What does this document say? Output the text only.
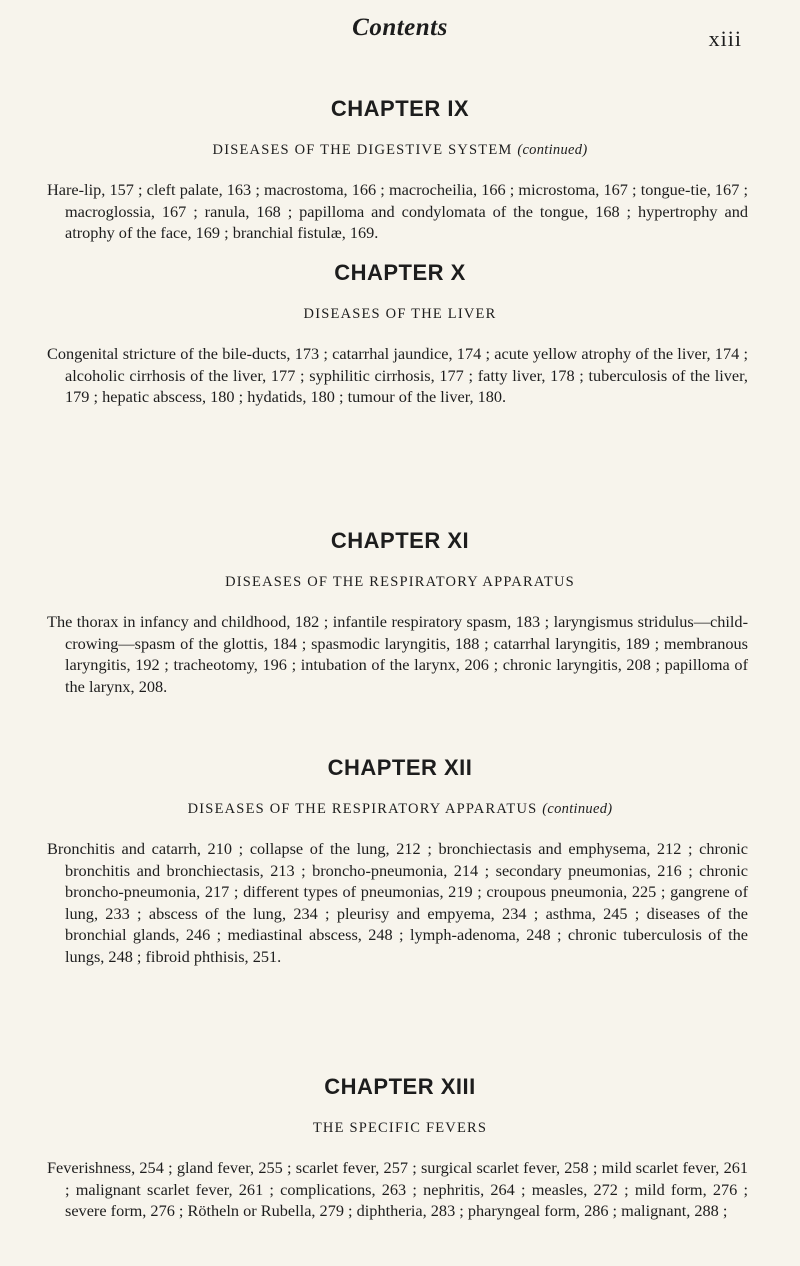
Contents	xiii
CHAPTER IX
DISEASES OF THE DIGESTIVE SYSTEM (continued)

Hare-lip, 157 ; cleft palate, 163 ; macrostoma, 166 ; macrocheilia, 166 ; microstoma, 167 ; tongue-tie, 167 ; macroglossia, 167 ; ranula, 168 ; papilloma and condylomata of the tongue, 168 ; hypertrophy and atrophy of the face, 169 ; branchial fistulæ, 169.

CHAPTER X
DISEASES OF THE LIVER

Congenital stricture of the bile-ducts, 173 ; catarrhal jaundice, 174 ; acute yellow atrophy of the liver, 174 ; alcoholic cirrhosis of the liver, 177 ; syphilitic cirrhosis, 177 ; fatty liver, 178 ; tuberculosis of the liver, 179 ; hepatic abscess, 180 ; hydatids, 180 ; tumour of the liver, 180.

CHAPTER XI
DISEASES OF THE RESPIRATORY APPARATUS

The thorax in infancy and childhood, 182 ; infantile respiratory spasm, 183 ; laryngismus stridulus—child-crowing—spasm of the glottis, 184 ; spasmodic laryngitis, 188 ; catarrhal laryngitis, 189 ; membranous laryngitis, 192 ; tracheotomy, 196 ; intubation of the larynx, 206 ; chronic laryngitis, 208 ; papilloma of the larynx, 208.

CHAPTER XII
DISEASES OF THE RESPIRATORY APPARATUS (continued)

Bronchitis and catarrh, 210 ; collapse of the lung, 212 ; bronchiectasis and emphysema, 212 ; chronic bronchitis and bronchiectasis, 213 ; broncho-pneumonia, 214 ; secondary pneumonias, 216 ; chronic broncho-pneumonia, 217 ; different types of pneumonias, 219 ; croupous pneumonia, 225 ; gangrene of lung, 233 ; abscess of the lung, 234 ; pleurisy and empyema, 234 ; asthma, 245 ; diseases of the bronchial glands, 246 ; mediastinal abscess, 248 ; lymph-adenoma, 248 ; chronic tuberculosis of the lungs, 248 ; fibroid phthisis, 251.

CHAPTER XIII
THE SPECIFIC FEVERS

Feverishness, 254 ; gland fever, 255 ; scarlet fever, 257 ; surgical scarlet fever, 258 ; mild scarlet fever, 261 ; malignant scarlet fever, 261 ; complications, 263 ; nephritis, 264 ; measles, 272 ; mild form, 276 ; severe form, 276 ; Rötheln or Rubella, 279 ; diphtheria, 283 ; pharyngeal form, 286 ; malignant, 288 ;
